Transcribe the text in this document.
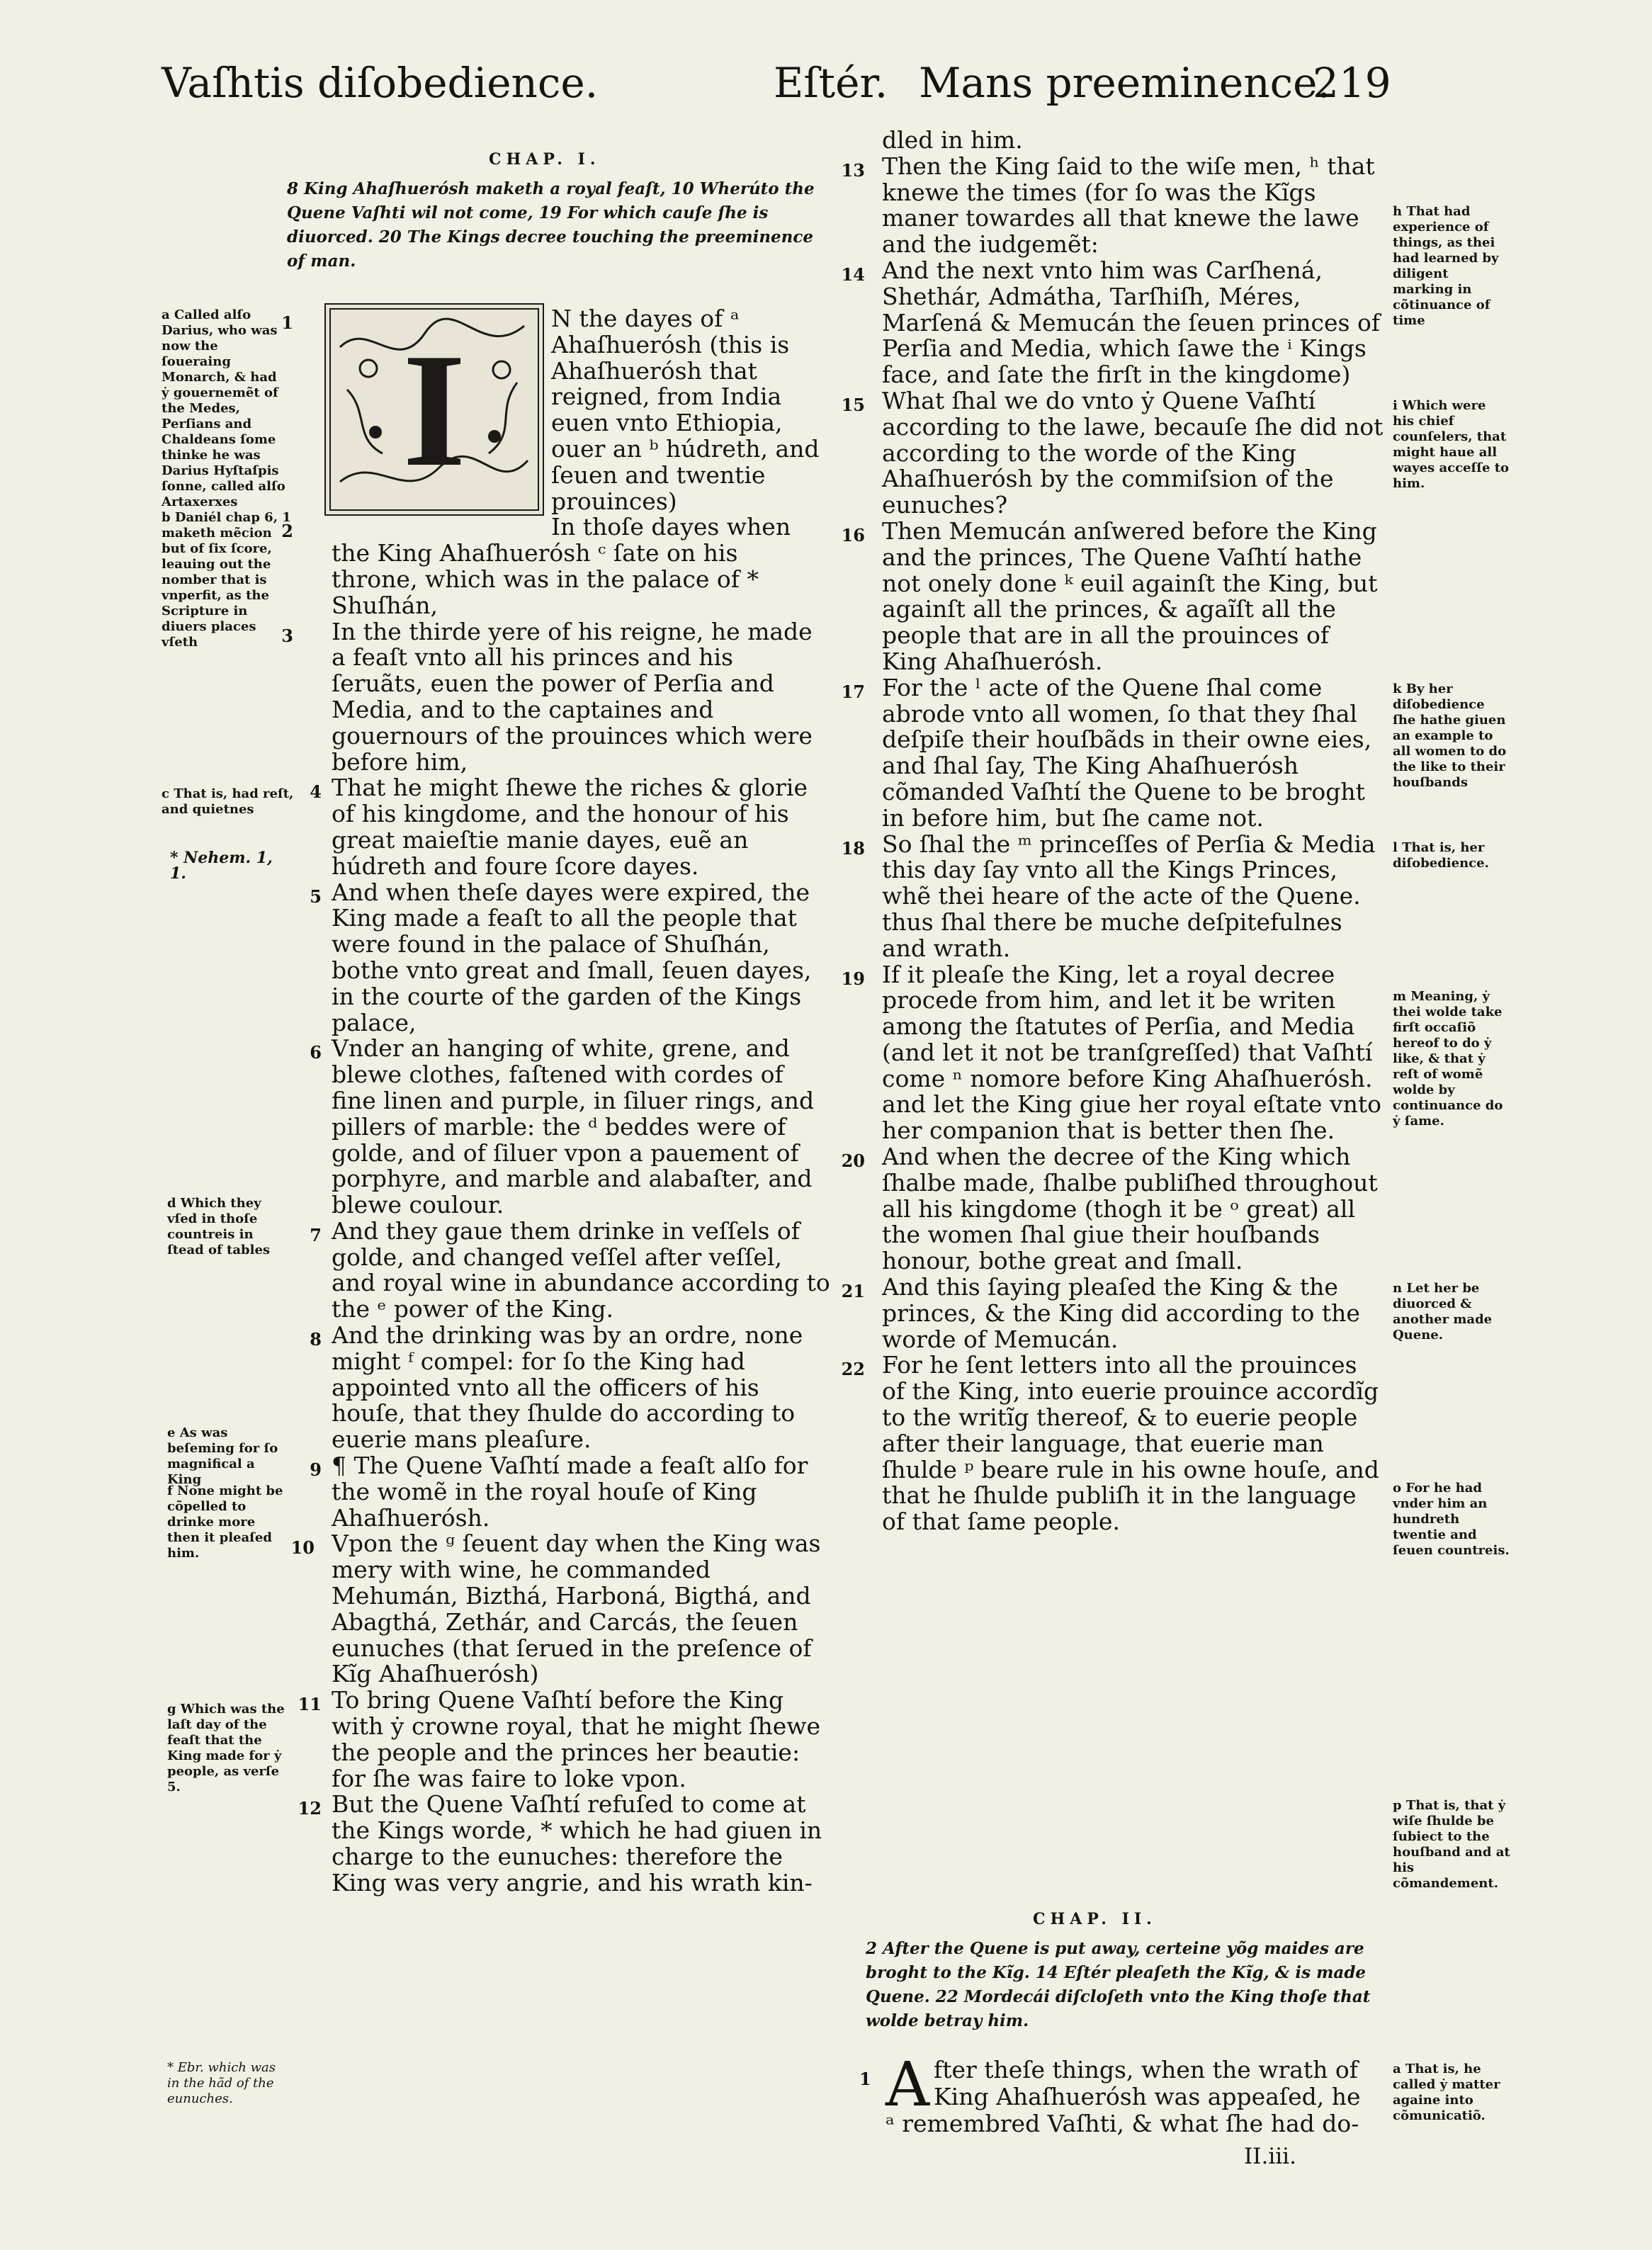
Vaſhtis diſobedience.	Eſtér. Mans preeminence.
219
CHAP. I.
8 King Ahaſhuerósh maketh a royal feaſt, 10 Wherúto the Quene Vaſhti wil not come, 19 For which cauſe ſhe is diuorced. 20 The Kings decree touching the preeminence of man.
I

1	N the dayes of ᵃ Ahaſhuerósh (this is Ahaſhuerósh that reigned, from India euen vnto Ethiopia, ouer an ᵇ húdreth, and ſeuen and twentie prouinces)

2	In thoſe dayes when the King Ahaſhuerósh ᶜ ſate on his throne, which was in the palace of * Shuſhán,

3 In the thirde yere of his reigne, he made a feaſt vnto all his princes and his ſeruãts, euen the power of Perſia and Media, and to the captaines and gouernours of the prouinces which were before him,

4 That he might ſhewe the riches & glorie of his kingdome, and the honour of his great maieſtie manie dayes, euẽ an húdreth and foure ſcore dayes.

5 And when theſe dayes were expired, the King made a feaſt to all the people that were found in the palace of Shuſhán, bothe vnto great and ſmall, ſeuen dayes, in the courte of the garden of the Kings palace,

6 Vnder an hanging of white, grene, and blewe clothes, faſtened with cordes of fine linen and purple, in ſiluer rings, and pillers of marble: the ᵈ beddes were of golde, and of ſiluer vpon a pauement of porphyre, and marble and alabaſter, and blewe coulour.

7 And they gaue them drinke in veſſels of golde, and changed veſſel after veſſel, and royal wine in abundance according to the ᵉ power of the King.

8 And the drinking was by an ordre, none might ᶠ compel: for ſo the King had appointed vnto all the officers of his houſe, that they ſhulde do according to euerie mans pleaſure.

9 ¶ The Quene Vaſhtí made a feaſt alſo for the womẽ in the royal houſe of King Ahaſhuerósh.

10 Vpon the ᵍ ſeuent day when the King was mery with wine, he commanded Mehumán, Bizthá, Harboná, Bigthá, and Abagthá, Zethár, and Carcás, the ſeuen eunuches (that ſerued in the preſence of Kĩg Ahaſhuerósh)

11 To bring Quene Vaſhtí before the King with ẏ crowne royal, that he might ſhewe the people and the princes her beautie: for ſhe was faire to loke vpon.

12 But the Quene Vaſhtí refuſed to come at the Kings worde, * which he had giuen in charge to the eunuches: therefore the King was very angrie, and his wrath kin-

dled in him.

13 Then the King ſaid to the wiſe men, ʰ that knewe the times (for ſo was the Kĩgs maner towardes all that knewe the lawe and the iudgemẽt:

14 And the next vnto him was Carſhená, Shethár, Admátha, Tarſhiſh, Méres, Marſená & Memucán the ſeuen princes of Perſia and Media, which ſawe the ⁱ Kings face, and ſate the firſt in the kingdome)

15 What ſhal we do vnto ẏ Quene Vaſhtí according to the lawe, becauſe ſhe did not according to the worde of the King Ahaſhuerósh by the commiſsion of the eunuches?

16 Then Memucán anſwered before the King and the princes, The Quene Vaſhtí hathe not onely done ᵏ euil againſt the King, but againſt all the princes, & agaĩſt all the people that are in all the prouinces of King Ahaſhuerósh.

17 For the ˡ acte of the Quene ſhal come abrode vnto all women, ſo that they ſhal deſpiſe their houſbãds in their owne eies, and ſhal ſay, The King Ahaſhuerósh cõmanded Vaſhtí the Quene to be broght in before him, but ſhe came not.

18 So ſhal the ᵐ princeſſes of Perſia & Media this day ſay vnto all the Kings Princes, whẽ thei heare of the acte of the Quene. thus ſhal there be muche deſpitefulnes and wrath.

19 If it pleaſe the King, let a royal decree procede from him, and let it be writen among the ſtatutes of Perſia, and Media (and let it not be tranſgreſſed) that Vaſhtí come ⁿ nomore before King Ahaſhuerósh. and let the King giue her royal eſtate vnto her companion that is better then ſhe.

20 And when the decree of the King which ſhalbe made, ſhalbe publiſhed throughout all his kingdome (thogh it be ᵒ great) all the women ſhal giue their houſbands honour, bothe great and ſmall.

21 And this ſaying pleaſed the King & the princes, & the King did according to the worde of Memucán.

22 For he ſent letters into all the prouinces of the King, into euerie prouince accordĩg to the writĩg thereof, & to euerie people after their language, that euerie man ſhulde ᵖ beare rule in his owne houſe, and that he ſhulde publiſh it in the language of that ſame people.

CHAP. II.
2 After the Quene is put away, certeine yõg maides are broght to the Kĩg. 14 Eſtér pleaſeth the Kĩg, & is made Quene. 22 Mordecái diſcloſeth vnto the King thoſe that wolde betray him.
1 A fter theſe things, when the wrath of
King Ahaſhuerósh was appeaſed, he
ᵃ remembred Vaſhti, & what ſhe had do-
II.iii.
a Called alſo Darius, who was now the ſoueraing Monarch, & had ẏ gouernemẽt of the Medes, Perſians and Chaldeans ſome thinke he was Darius Hyſtaſpis ſonne, called alſo Artaxerxes
b Daniél chap 6, 1 maketh mẽcion but of ſix ſcore, leauing out the nomber that is vnperfit, as the Scripture in diuers places vſeth
c That is, had reſt, and quietnes
* Nehem. 1, 1.
d Which they vſed in thoſe countreis in ſtead of tables
e As was beſeming for ſo magnifical a King
f None might be cõpelled to drinke more then it pleaſed him.
g Which was the laſt day of the feaſt that the King made for ẏ people, as verſe 5.
* Ebr. which was in the hãd of the eunuches.
h That had experience of things, as thei had learned by diligent marking in cõtinuance of time
i Which were his chief counſelers, that might haue all wayes acceſſe to him.
k By her diſobedience ſhe hathe giuen an example to all women to do the like to their houſbands
l That is, her diſobedience.
m Meaning, ẏ thei wolde take firſt occaſiõ hereof to do ẏ like, & that ẏ reſt of womẽ wolde by continuance do ẏ ſame.
n Let her be diuorced & another made Quene.
o For he had vnder him an hundreth twentie and ſeuen countreis.
p That is, that ẏ wiſe ſhulde be ſubiect to the houſband and at his cõmandement.
a That is, he called ẏ matter againe into cõmunicatiõ.
